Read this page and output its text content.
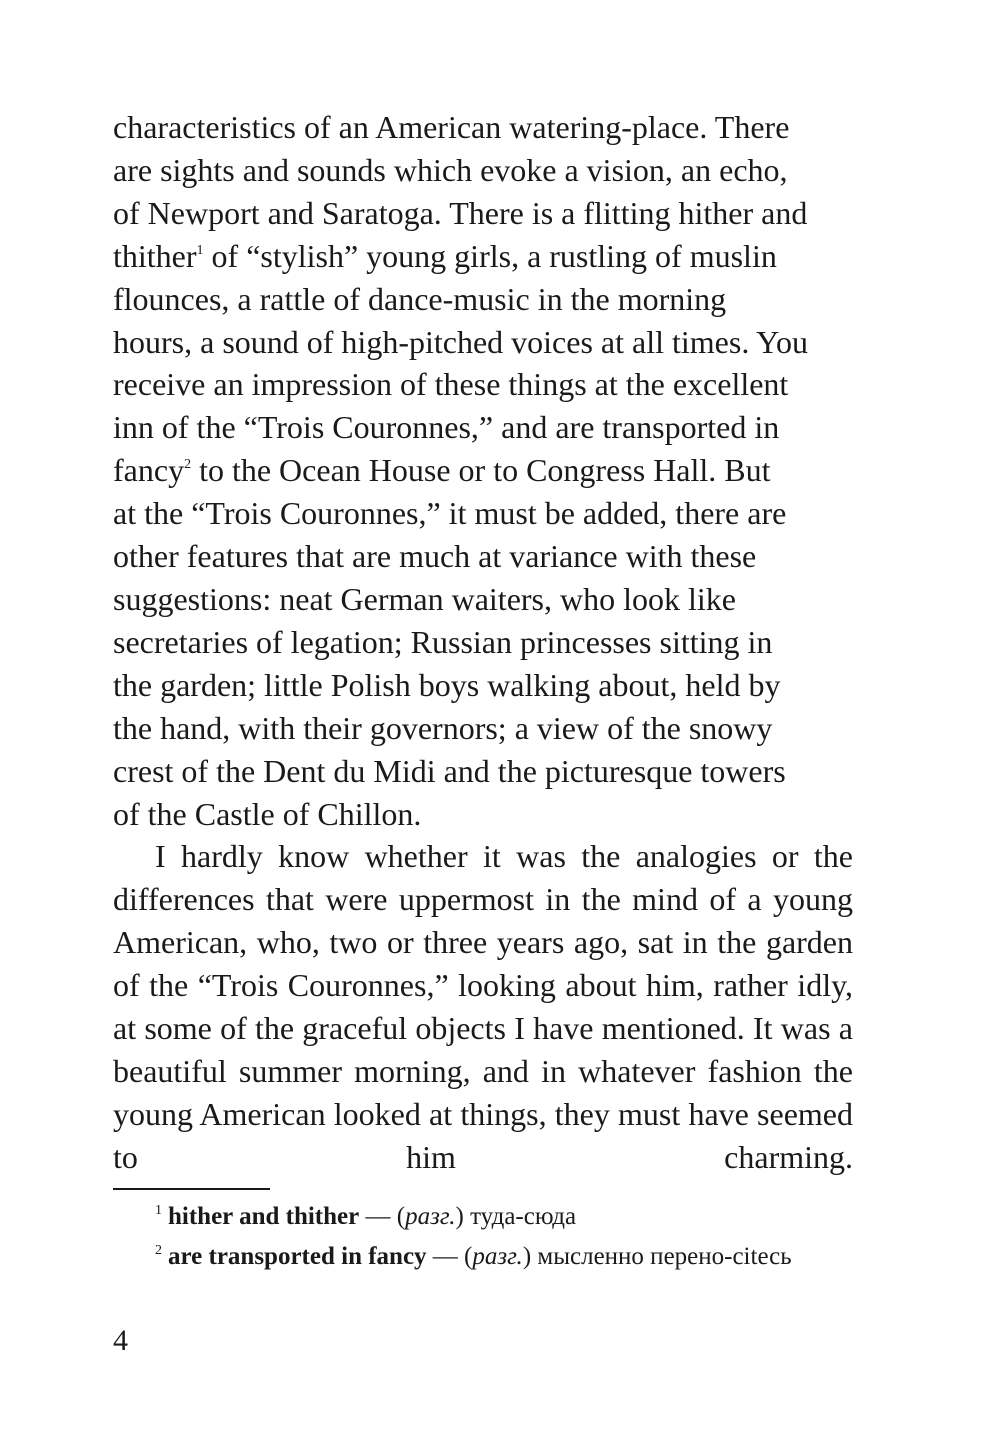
characteristics of an American watering-place. There
are sights and sounds which evoke a vision, an echo,
of Newport and Saratoga. There is a flitting hither and
thither$^1$ of “stylish” young girls, a rustling of muslin
flounces, a rattle of dance-music in the morning
hours, a sound of high-pitched voices at all times. You
receive an impression of these things at the excellent
inn of the “Trois Couronnes,” and are transported in
fancy$^2$ to the Ocean House or to Congress Hall. But
at the “Trois Couronnes,” it must be added, there are
other features that are much at variance with these
suggestions: neat German waiters, who look like
secretaries of legation; Russian princesses sitting in
the garden; little Polish boys walking about, held by
the hand, with their governors; a view of the snowy
crest of the Dent du Midi and the picturesque towers
of the Castle of Chillon.

I hardly know whether it was the analogies or the differences that were uppermost in the mind of a young American, who, two or three years ago, sat in the garden of the “Trois Couronnes,” looking about him, rather idly, at some of the graceful objects I have mentioned. It was a beautiful summer morning, and in whatever fashion the young American looked at things, they must have seemed to him charming.

$^1$ hither and thither — (разг.) туда-сюда

$^2$ are transported in fancy — (разг.) мысленно перено-сitесь

4
